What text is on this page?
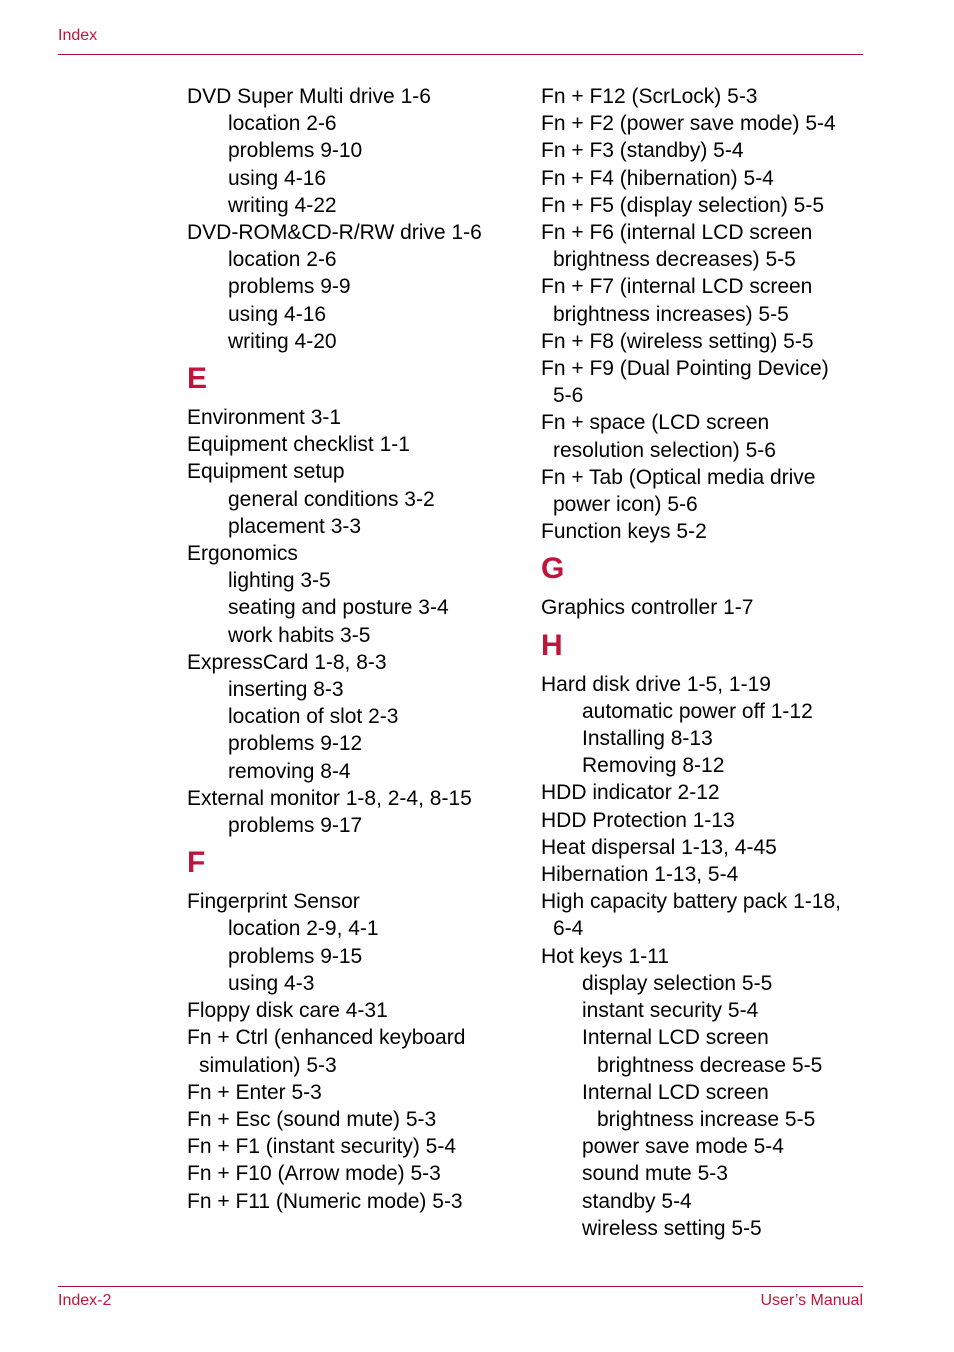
Index
DVD Super Multi drive 1-6
location 2-6
problems 9-10
using 4-16
writing 4-22
DVD-ROM&CD-R/RW drive 1-6
location 2-6
problems 9-9
using 4-16
writing 4-20
E
Environment 3-1
Equipment checklist 1-1
Equipment setup
general conditions 3-2
placement 3-3
Ergonomics
lighting 3-5
seating and posture 3-4
work habits 3-5
ExpressCard 1-8, 8-3
inserting 8-3
location of slot 2-3
problems 9-12
removing 8-4
External monitor 1-8, 2-4, 8-15
problems 9-17
F
Fingerprint Sensor
location 2-9, 4-1
problems 9-15
using 4-3
Floppy disk care 4-31
Fn + Ctrl (enhanced keyboard
simulation) 5-3
Fn + Enter 5-3
Fn + Esc (sound mute) 5-3
Fn + F1 (instant security) 5-4
Fn + F10 (Arrow mode) 5-3
Fn + F11 (Numeric mode) 5-3
Fn + F12 (ScrLock) 5-3
Fn + F2 (power save mode) 5-4
Fn + F3 (standby) 5-4
Fn + F4 (hibernation) 5-4
Fn + F5 (display selection) 5-5
Fn + F6 (internal LCD screen
brightness decreases) 5-5
Fn + F7 (internal LCD screen
brightness increases) 5-5
Fn + F8 (wireless setting) 5-5
Fn + F9 (Dual Pointing Device)
5-6
Fn + space (LCD screen
resolution selection) 5-6
Fn + Tab (Optical media drive
power icon) 5-6
Function keys 5-2
G
Graphics controller 1-7
H
Hard disk drive 1-5, 1-19
automatic power off 1-12
Installing 8-13
Removing 8-12
HDD indicator 2-12
HDD Protection 1-13
Heat dispersal 1-13, 4-45
Hibernation 1-13, 5-4
High capacity battery pack 1-18,
6-4
Hot keys 1-11
display selection 5-5
instant security 5-4
Internal LCD screen
brightness decrease 5-5
Internal LCD screen
brightness increase 5-5
power save mode 5-4
sound mute 5-3
standby 5-4
wireless setting 5-5
Index-2	User’s Manual
